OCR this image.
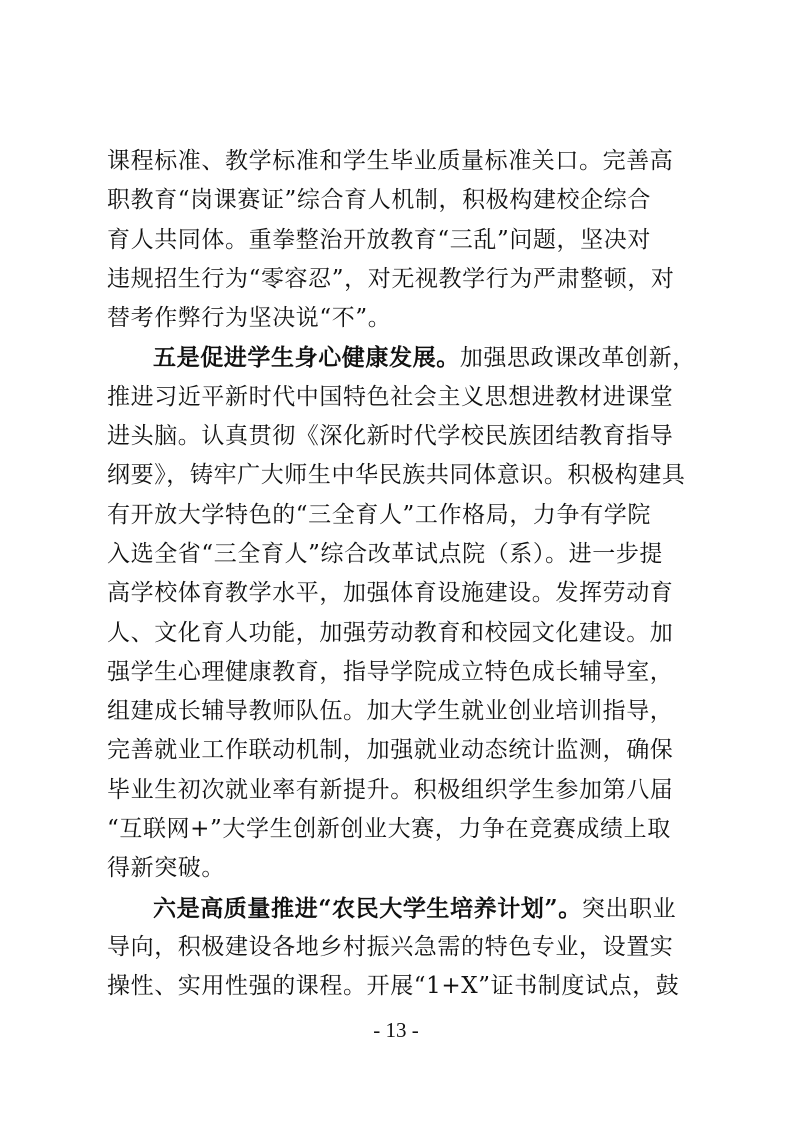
课程标准、教学标准和学生毕业质量标准关口。完善高
职教育“岗课赛证”综合育人机制，积极构建校企综合
育人共同体。重拳整治开放教育“三乱”问题，坚决对
违规招生行为“零容忍”，对无视教学行为严肃整顿，对
替考作弊行为坚决说“不”。
五是促进学生身心健康发展。加强思政课改革创新，
推进习近平新时代中国特色社会主义思想进教材进课堂
进头脑。认真贯彻《深化新时代学校民族团结教育指导
纲要》，铸牢广大师生中华民族共同体意识。积极构建具
有开放大学特色的“三全育人”工作格局，力争有学院
入选全省“三全育人”综合改革试点院（系）。进一步提
高学校体育教学水平，加强体育设施建设。发挥劳动育
人、文化育人功能，加强劳动教育和校园文化建设。加
强学生心理健康教育，指导学院成立特色成长辅导室，
组建成长辅导教师队伍。加大学生就业创业培训指导，
完善就业工作联动机制，加强就业动态统计监测，确保
毕业生初次就业率有新提升。积极组织学生参加第八届
“互联网+”大学生创新创业大赛，力争在竞赛成绩上取
得新突破。
六是高质量推进“农民大学生培养计划”。突出职业
导向，积极建设各地乡村振兴急需的特色专业，设置实
操性、实用性强的课程。开展“1+X”证书制度试点，鼓
- 13 -
